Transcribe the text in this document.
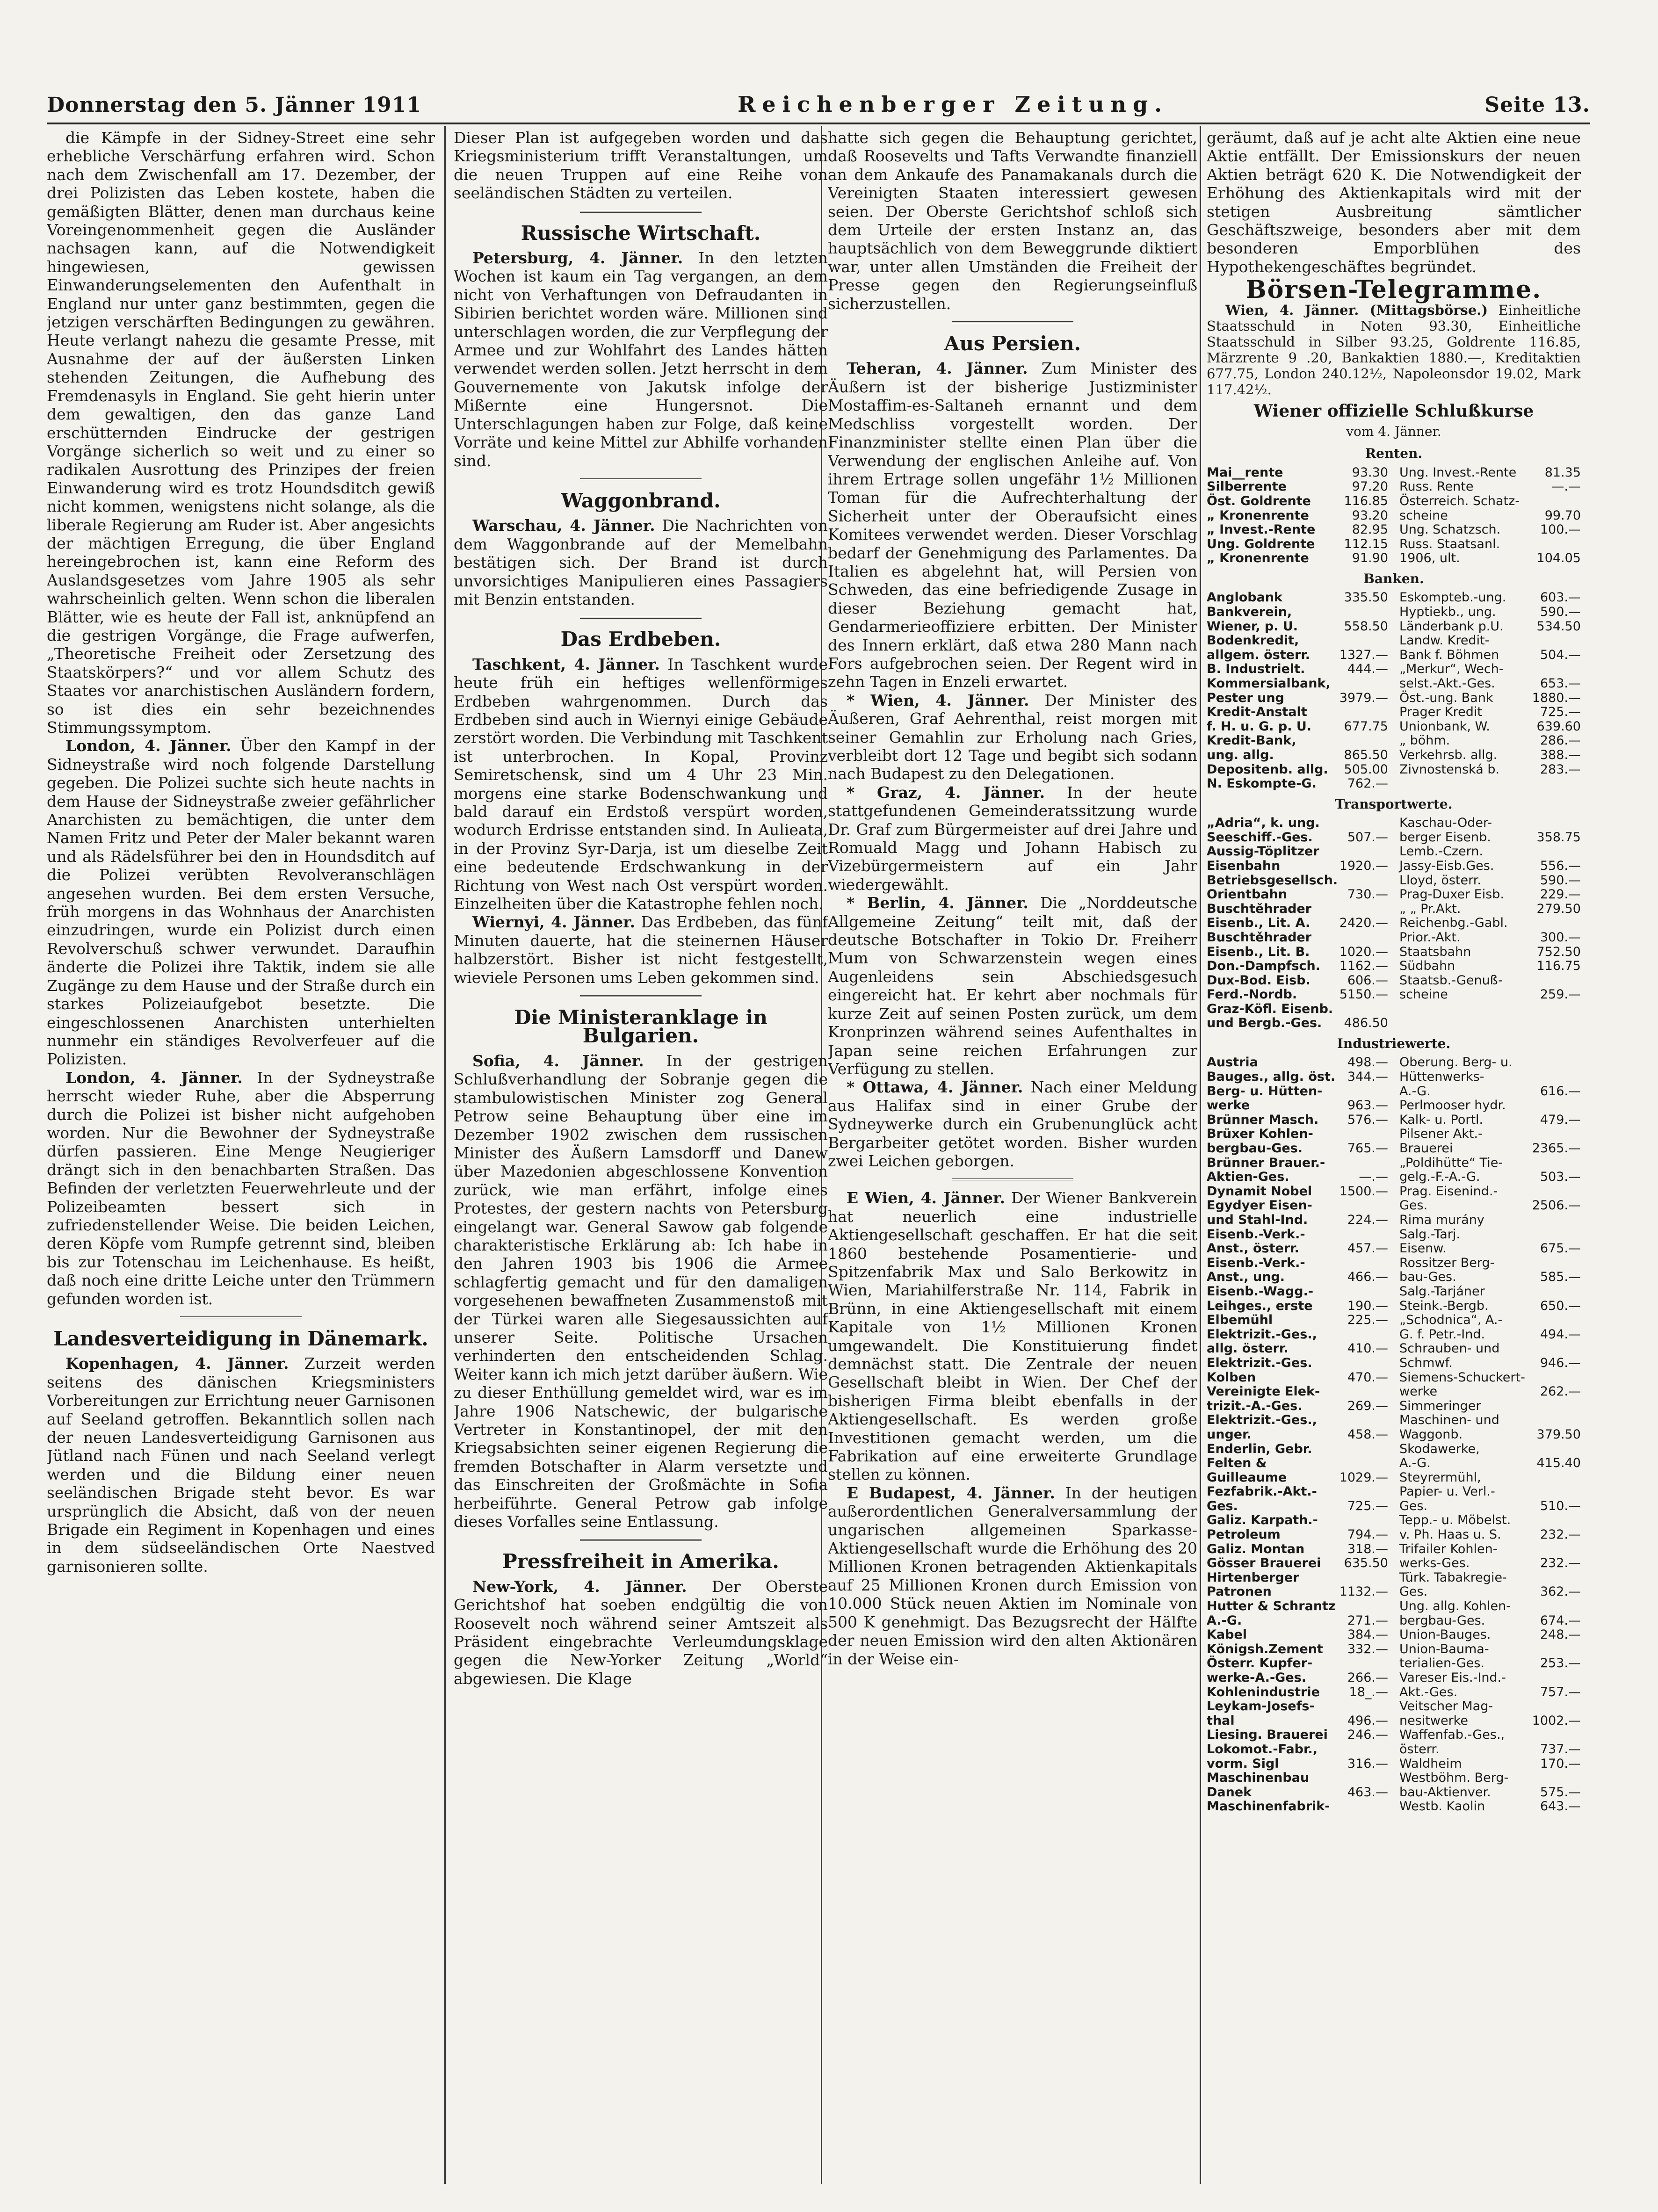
Donnerstag den 5. Jänner 1911	Reichenberger Zeitung.	Seite 13.

die Kämpfe in der Sidney-Street eine sehr erhebliche Verschärfung erfahren wird. Schon nach dem Zwischenfall am 17. Dezember, der drei Polizisten das Leben kostete, haben die gemäßigten Blätter, denen man durchaus keine Voreingenommenheit gegen die Ausländer nachsagen kann, auf die Notwendigkeit hingewiesen, gewissen Einwanderungselementen den Aufenthalt in England nur unter ganz bestimmten, gegen die jetzigen verschärften Bedingungen zu gewähren. Heute verlangt nahezu die gesamte Presse, mit Ausnahme der auf der äußersten Linken stehenden Zeitungen, die Aufhebung des Fremdenasyls in England. Sie geht hierin unter dem gewaltigen, den das ganze Land erschütternden Eindrucke der gestrigen Vorgänge sicherlich so weit und zu einer so radikalen Ausrottung des Prinzipes der freien Einwanderung wird es trotz Houndsditch gewiß nicht kommen, wenigstens nicht solange, als die liberale Regierung am Ruder ist. Aber angesichts der mächtigen Erregung, die über England hereingebrochen ist, kann eine Reform des Auslandsgesetzes vom Jahre 1905 als sehr wahrscheinlich gelten. Wenn schon die liberalen Blätter, wie es heute der Fall ist, anknüpfend an die gestrigen Vorgänge, die Frage aufwerfen, „Theoretische Freiheit oder Zersetzung des Staatskörpers?“ und vor allem Schutz des Staates vor anarchistischen Ausländern fordern, so ist dies ein sehr bezeichnendes Stimmungssymptom.

London, 4. Jänner. Über den Kampf in der Sidneystraße wird noch folgende Darstellung gegeben. Die Polizei suchte sich heute nachts in dem Hause der Sidneystraße zweier gefährlicher Anarchisten zu bemächtigen, die unter dem Namen Fritz und Peter der Maler bekannt waren und als Rädelsführer bei den in Houndsditch auf die Polizei verübten Revolveranschlägen angesehen wurden. Bei dem ersten Versuche, früh morgens in das Wohnhaus der Anarchisten einzudringen, wurde ein Polizist durch einen Revolverschuß schwer verwundet. Daraufhin änderte die Polizei ihre Taktik, indem sie alle Zugänge zu dem Hause und der Straße durch ein starkes Polizeiaufgebot besetzte. Die eingeschlossenen Anarchisten unterhielten nunmehr ein ständiges Revolverfeuer auf die Polizisten.

London, 4. Jänner. In der Sydneystraße herrscht wieder Ruhe, aber die Absperrung durch die Polizei ist bisher nicht aufgehoben worden. Nur die Bewohner der Sydneystraße dürfen passieren. Eine Menge Neugieriger drängt sich in den benachbarten Straßen. Das Befinden der verletzten Feuerwehrleute und der Polizeibeamten bessert sich in zufriedenstellender Weise. Die beiden Leichen, deren Köpfe vom Rumpfe getrennt sind, bleiben bis zur Totenschau im Leichenhause. Es heißt, daß noch eine dritte Leiche unter den Trümmern gefunden worden ist.

Landesverteidigung in Dänemark.

Kopenhagen, 4. Jänner. Zurzeit werden seitens des dänischen Kriegsministers Vorbereitungen zur Errichtung neuer Garnisonen auf Seeland getroffen. Bekanntlich sollen nach der neuen Landesverteidigung Garnisonen aus Jütland nach Fünen und nach Seeland verlegt werden und die Bildung einer neuen seeländischen Brigade steht bevor. Es war ursprünglich die Absicht, daß von der neuen Brigade ein Regiment in Kopenhagen und eines in dem südseeländischen Orte Naestved garnisonieren sollte.

Dieser Plan ist aufgegeben worden und das Kriegsministerium trifft Veranstaltungen, um die neuen Truppen auf eine Reihe von seeländischen Städten zu verteilen.

Russische Wirtschaft.

Petersburg, 4. Jänner. In den letzten Wochen ist kaum ein Tag vergangen, an dem nicht von Verhaftungen von Defraudanten in Sibirien berichtet worden wäre. Millionen sind unterschlagen worden, die zur Verpflegung der Armee und zur Wohlfahrt des Landes hätten verwendet werden sollen. Jetzt herrscht in dem Gouvernemente von Jakutsk infolge der Mißernte eine Hungersnot. Die Unterschlagungen haben zur Folge, daß keine Vorräte und keine Mittel zur Abhilfe vorhanden sind.

Waggonbrand.

Warschau, 4. Jänner. Die Nachrichten von dem Waggonbrande auf der Memelbahn bestätigen sich. Der Brand ist durch unvorsichtiges Manipulieren eines Passagiers mit Benzin entstanden.

Das Erdbeben.

Taschkent, 4. Jänner. In Taschkent wurde heute früh ein heftiges wellenförmiges Erdbeben wahrgenommen. Durch das Erdbeben sind auch in Wiernyi einige Gebäude zerstört worden. Die Verbindung mit Taschkent ist unterbrochen. In Kopal, Provinz Semiretschensk, sind um 4 Uhr 23 Min. morgens eine starke Bodenschwankung und bald darauf ein Erdstoß verspürt worden, wodurch Erdrisse entstanden sind. In Aulieata, in der Provinz Syr-Darja, ist um dieselbe Zeit eine bedeutende Erdschwankung in der Richtung von West nach Ost verspürt worden. Einzelheiten über die Katastrophe fehlen noch.

Wiernyi, 4. Jänner. Das Erdbeben, das fünf Minuten dauerte, hat die steinernen Häuser halbzerstört. Bisher ist nicht festgestellt, wieviele Personen ums Leben gekommen sind.

Die Ministeranklage in Bulgarien.

Sofia, 4. Jänner. In der gestrigen Schlußverhandlung der Sobranje gegen die stambulowistischen Minister zog General Petrow seine Behauptung über eine im Dezember 1902 zwischen dem russischen Minister des Äußern Lamsdorff und Danew über Mazedonien abgeschlossene Konvention zurück, wie man erfährt, infolge eines Protestes, der gestern nachts von Petersburg eingelangt war. General Sawow gab folgende charakteristische Erklärung ab: Ich habe in den Jahren 1903 bis 1906 die Armee schlagfertig gemacht und für den damaligen vorgesehenen bewaffneten Zusammenstoß mit der Türkei waren alle Siegesaussichten auf unserer Seite. Politische Ursachen verhinderten den entscheidenden Schlag. Weiter kann ich mich jetzt darüber äußern. Wie zu dieser Enthüllung gemeldet wird, war es im Jahre 1906 Natschewic, der bulgarische Vertreter in Konstantinopel, der mit den Kriegsabsichten seiner eigenen Regierung die fremden Botschafter in Alarm versetzte und das Einschreiten der Großmächte in Sofia herbeiführte. General Petrow gab infolge dieses Vorfalles seine Entlassung.

Pressfreiheit in Amerika.

New-York, 4. Jänner. Der Oberste Gerichtshof hat soeben endgültig die von Roosevelt noch während seiner Amtszeit als Präsident eingebrachte Verleumdungsklage gegen die New-Yorker Zeitung „World“ abgewiesen. Die Klage

hatte sich gegen die Behauptung gerichtet, daß Roosevelts und Tafts Verwandte finanziell an dem Ankaufe des Panamakanals durch die Vereinigten Staaten interessiert gewesen seien. Der Oberste Gerichtshof schloß sich dem Urteile der ersten Instanz an, das hauptsächlich von dem Beweggrunde diktiert war, unter allen Umständen die Freiheit der Presse gegen den Regierungseinfluß sicherzustellen.

Aus Persien.

Teheran, 4. Jänner. Zum Minister des Äußern ist der bisherige Justizminister Mostaffim-es-Saltaneh ernannt und dem Medschliss vorgestellt worden. Der Finanzminister stellte einen Plan über die Verwendung der englischen Anleihe auf. Von ihrem Ertrage sollen ungefähr 1½ Millionen Toman für die Aufrechterhaltung der Sicherheit unter der Oberaufsicht eines Komitees verwendet werden. Dieser Vorschlag bedarf der Genehmigung des Parlamentes. Da Italien es abgelehnt hat, will Persien von Schweden, das eine befriedigende Zusage in dieser Beziehung gemacht hat, Gendarmerieoffiziere erbitten. Der Minister des Innern erklärt, daß etwa 280 Mann nach Fors aufgebrochen seien. Der Regent wird in zehn Tagen in Enzeli erwartet.

* Wien, 4. Jänner. Der Minister des Äußeren, Graf Aehrenthal, reist morgen mit seiner Gemahlin zur Erholung nach Gries, verbleibt dort 12 Tage und begibt sich sodann nach Budapest zu den Delegationen.

* Graz, 4. Jänner. In der heute stattgefundenen Gemeinderatssitzung wurde Dr. Graf zum Bürgermeister auf drei Jahre und Romuald Magg und Johann Habisch zu Vizebürgermeistern auf ein Jahr wiedergewählt.

* Berlin, 4. Jänner. Die „Norddeutsche Allgemeine Zeitung“ teilt mit, daß der deutsche Botschafter in Tokio Dr. Freiherr Mum von Schwarzenstein wegen eines Augenleidens sein Abschiedsgesuch eingereicht hat. Er kehrt aber nochmals für kurze Zeit auf seinen Posten zurück, um dem Kronprinzen während seines Aufenthaltes in Japan seine reichen Erfahrungen zur Verfügung zu stellen.

* Ottawa, 4. Jänner. Nach einer Meldung aus Halifax sind in einer Grube der Sydneywerke durch ein Grubenunglück acht Bergarbeiter getötet worden. Bisher wurden zwei Leichen geborgen.

E Wien, 4. Jänner. Der Wiener Bankverein hat neuerlich eine industrielle Aktiengesellschaft geschaffen. Er hat die seit 1860 bestehende Posamentierie- und Spitzenfabrik Max und Salo Berkowitz in Wien, Mariahilferstraße Nr. 114, Fabrik in Brünn, in eine Aktiengesellschaft mit einem Kapitale von 1½ Millionen Kronen umgewandelt. Die Konstituierung findet demnächst statt. Die Zentrale der neuen Gesellschaft bleibt in Wien. Der Chef der bisherigen Firma bleibt ebenfalls in der Aktiengesellschaft. Es werden große Investitionen gemacht werden, um die Fabrikation auf eine erweiterte Grundlage stellen zu können.

E Budapest, 4. Jänner. In der heutigen außerordentlichen Generalversammlung der ungarischen allgemeinen Sparkasse-Aktiengesellschaft wurde die Erhöhung des 20 Millionen Kronen betragenden Aktienkapitals auf 25 Millionen Kronen durch Emission von 10.000 Stück neuen Aktien im Nominale von 500 K genehmigt. Das Bezugsrecht der Hälfte der neuen Emission wird den alten Aktionären in der Weise ein-

geräumt, daß auf je acht alte Aktien eine neue Aktie entfällt. Der Emissionskurs der neuen Aktien beträgt 620 K. Die Notwendigkeit der Erhöhung des Aktienkapitals wird mit der stetigen Ausbreitung sämtlicher Geschäftszweige, besonders aber mit dem besonderen Emporblühen des Hypothekengeschäftes begründet.

Börsen-Telegramme.

Wien, 4. Jänner. (Mittagsbörse.) Einheitliche Staatsschuld in Noten 93.30, Einheitliche Staatsschuld in Silber 93.25, Goldrente 116.85, Märzrente 9 .20, Bankaktien 1880.—, Kreditaktien 677.75, London 240.12½, Napoleonsdor 19.02, Mark 117.42½.

Wiener offizielle Schlußkurse
vom 4. Jänner.
Renten.
Mai__rente	93.30
Silberrente	97.20
Öst. Goldrente	116.85
„ Kronenrente	93.20
„ Invest.-Rente	82.95
Ung. Goldrente 112.15
„ Kronenrente	91.90
Ung. Invest.-Rente 81.35
Russ. Rente	—.—
Österreich. Schatz-
scheine	99.70
Ung. Schatzsch.	100.—
Russ. Staatsanl.
1906, ult.	104.05
Banken.
Anglobank	335.50
Bankverein,
Wiener, p. U.	558.50
Bodenkredit,
allgem. österr. 1327.—
B. Industrielt.	444.—
Kommersialbank,
Pester ung	3979.—
Kredit-Anstalt
f. H. u. G. p. U.	677.75
Kredit-Bank,
ung. allg.	865.50
Depositenb. allg. 505.00
N. Eskompte-G. 762.—
Eskompteb.-ung.	603.—
Hyptiekb., ung.	590.—
Länderbank p.U.	534.50
Landw. Kredit-
Bank f. Böhmen	504.—
„Merkur“, Wech-
selst.-Akt.-Ges.	653.—
Öst.-ung. Bank	1880.—
Prager Kredit	725.—
Unionbank, W.	639.60
„ böhm.	286.—
Verkehrsb. allg.	388.—
Zivnostenská b.	283.—
Transportwerte.
„Adria“, k. ung.
Seeschiff.-Ges.	507.—
Aussig-Töplitzer
Eisenbahn	1920.—
Betriebsgesellsch.
Orientbahn	730.—
Buschtěhrader
Eisenb., Lit. A. 2420.—
Buschtěhrader
Eisenb., Lit. B. 1020.—
Don.-Dampfsch. 1162.—
Dux-Bod. Eisb.	606.—
Ferd.-Nordb.	5150.—
Graz-Köfl. Eisenb.
und Bergb.-Ges. 486.50
Kaschau-Oder-
berger Eisenb.	358.75
Lemb.-Czern.
Jassy-Eisb.Ges.	556.—
Lloyd, österr.	590.—
Prag-Duxer Eisb.	229.—
„ „ Pr.Akt.	279.50
Reichenbg.-Gabl.
Prior.-Akt.	300.—
Staatsbahn	752.50
Südbahn	116.75
Staatsb.-Genuß-
scheine	259.—
Industriewerte.
Austria	498.—
Bauges., allg. öst. 344.—
Berg- u. Hütten-
werke	963.—
Brünner Masch. 576.—
Brüxer Kohlen-
bergbau-Ges.	765.—
Brünner Brauer.-
Aktien-Ges.	—.—
Dynamit Nobel 1500.—
Egydyer Eisen-
und Stahl-Ind.	224.—
Eisenb.-Verk.-
Anst., österr.	457.—
Eisenb.-Verk.-
Anst., ung.	466.—
Eisenb.-Wagg.-
Leihges., erste	190.—
Elbemühl	225.—
Elektrizit.-Ges.,
allg. österr.	410.—
Elektrizit.-Ges.
Kolben	470.—
Vereinigte Elek-
trizit.-A.-Ges.	269.—
Elektrizit.-Ges.,
unger.	458.—
Enderlin, Gebr.
Felten &
Guilleaume	1029.—
Fezfabrik.-Akt.-
Ges.	725.—
Galiz. Karpath.-
Petroleum	794.—
Galiz. Montan	318.—
Gösser Brauerei 635.50
Hirtenberger
Patronen	1132.—
Hutter & Schrantz
A.-G.	271.—
Kabel	384.—
Königsh.Zement 332.—
Österr. Kupfer-
werke-A.-Ges.	266.—
Kohlenindustrie 18_.—
Leykam-Josefs-
thal	496.—
Liesing. Brauerei 246.—
Lokomot.-Fabr.,
vorm. Sigl	316.—
Maschinenbau
Danek	463.—
Maschinenfabrik-
Oberung. Berg- u.
Hüttenwerks-
A.-G.	616.—
Perlmooser hydr.
Kalk- u. Portl.	479.—
Pilsener Akt.-
Brauerei	2365.—
„Poldihütte“ Tie-
gelg.-F.-A.-G.	503.—
Prag. Eisenind.-
Ges.	2506.—
Rima murány
Salg.-Tarj.
Eisenw.	675.—
Rossitzer Berg-
bau-Ges.	585.—
Salg.-Tarjáner
Steink.-Bergb.	650.—
„Schodnica“, A.-
G. f. Petr.-Ind.	494.—
Schrauben- und
Schmwf.	946.—
Siemens-Schuckert-
werke	262.—
Simmeringer
Maschinen- und
Waggonb.	379.50
Skodawerke,
A.-G.	415.40
Steyrermühl,
Papier- u. Verl.-
Ges.	510.—
Tepp.- u. Möbelst.
v. Ph. Haas u. S.	232.—
Trifailer Kohlen-
werks-Ges.	232.—
Türk. Tabakregie-
Ges.	362.—
Ung. allg. Kohlen-
bergbau-Ges.	674.—
Union-Bauges.	248.—
Union-Bauma-
terialien-Ges.	253.—
Vareser Eis.-Ind.-
Akt.-Ges.	757.—
Veitscher Mag-
nesitwerke	1002.—
Waffenfab.-Ges.,
österr.	737.—
Waldheim	170.—
Westböhm. Berg-
bau-Aktienver.	575.—
Westb. Kaolin	643.—
